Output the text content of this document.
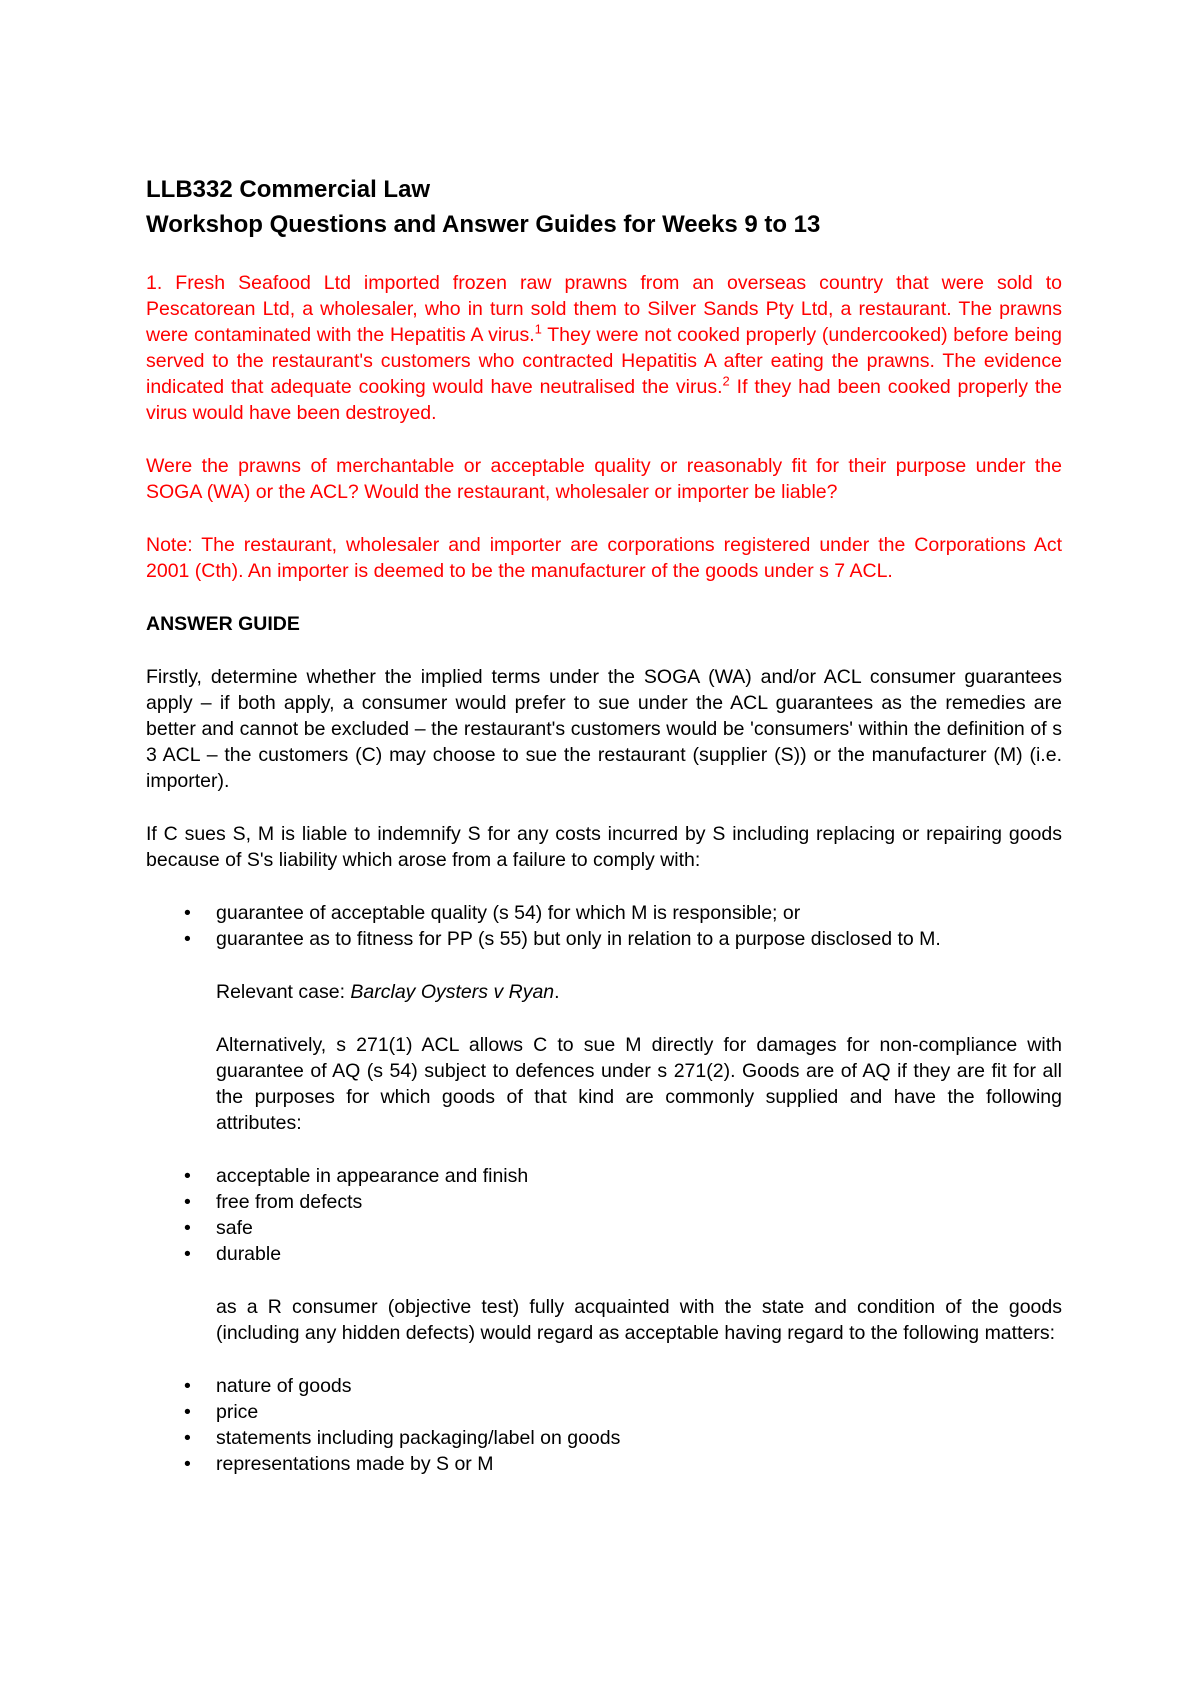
LLB332 Commercial Law

Workshop Questions and Answer Guides for Weeks 9 to 13

1. Fresh Seafood Ltd imported frozen raw prawns from an overseas country that were sold to Pescatorean Ltd, a wholesaler, who in turn sold them to Silver Sands Pty Ltd, a restaurant. The prawns were contaminated with the Hepatitis A virus.$^1$ They were not cooked properly (undercooked) before being served to the restaurant's customers who contracted Hepatitis A after eating the prawns. The evidence indicated that adequate cooking would have neutralised the virus.$^2$ If they had been cooked properly the virus would have been destroyed.

Were the prawns of merchantable or acceptable quality or reasonably fit for their purpose under the SOGA (WA) or the ACL? Would the restaurant, wholesaler or importer be liable?

Note: The restaurant, wholesaler and importer are corporations registered under the Corporations Act 2001 (Cth). An importer is deemed to be the manufacturer of the goods under s 7 ACL.

ANSWER GUIDE

Firstly, determine whether the implied terms under the SOGA (WA) and/or ACL consumer guarantees apply – if both apply, a consumer would prefer to sue under the ACL guarantees as the remedies are better and cannot be excluded – the restaurant's customers would be 'consumers' within the definition of s 3 ACL – the customers (C) may choose to sue the restaurant (supplier (S)) or the manufacturer (M) (i.e. importer).

If C sues S, M is liable to indemnify S for any costs incurred by S including replacing or repairing goods because of S's liability which arose from a failure to comply with:

• guarantee of acceptable quality (s 54) for which M is responsible; or
• guarantee as to fitness for PP (s 55) but only in relation to a purpose disclosed to M.

Relevant case: Barclay Oysters v Ryan.

Alternatively, s 271(1) ACL allows C to sue M directly for damages for non-compliance with guarantee of AQ (s 54) subject to defences under s 271(2). Goods are of AQ if they are fit for all the purposes for which goods of that kind are commonly supplied and have the following attributes:

• acceptable in appearance and finish
• free from defects
• safe
• durable

as a R consumer (objective test) fully acquainted with the state and condition of the goods (including any hidden defects) would regard as acceptable having regard to the following matters:

• nature of goods
• price
• statements including packaging/label on goods
• representations made by S or M
